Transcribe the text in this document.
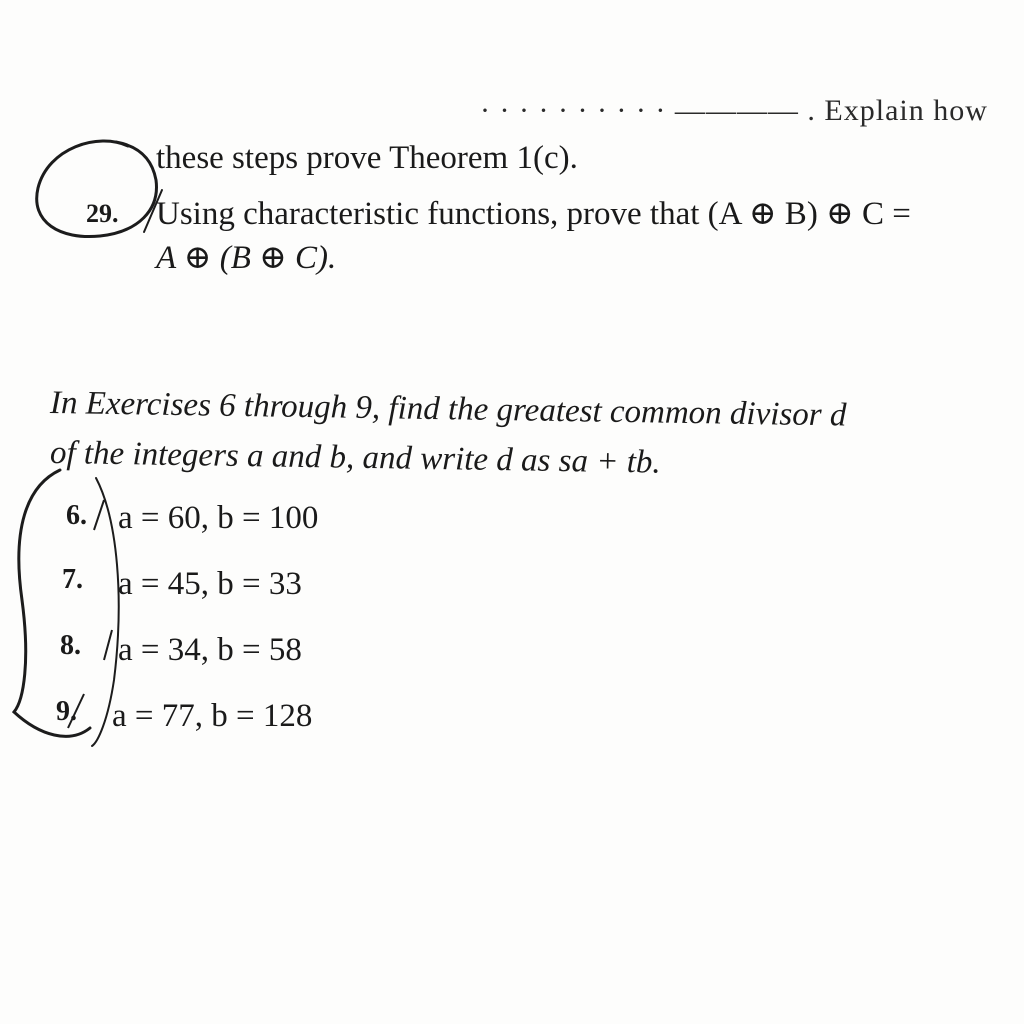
· · · · · · · · · · ———— . Explain how
these steps prove Theorem 1(c).
29. Using characteristic functions, prove that (A ⊕ B) ⊕ C =
A ⊕ (B ⊕ C).
In Exercises 6 through 9, find the greatest common divisor d
of the integers a and b, and write d as sa + tb.
6. a = 60, b = 100
7. a = 45, b = 33
8. a = 34, b = 58
9. a = 77, b = 128
